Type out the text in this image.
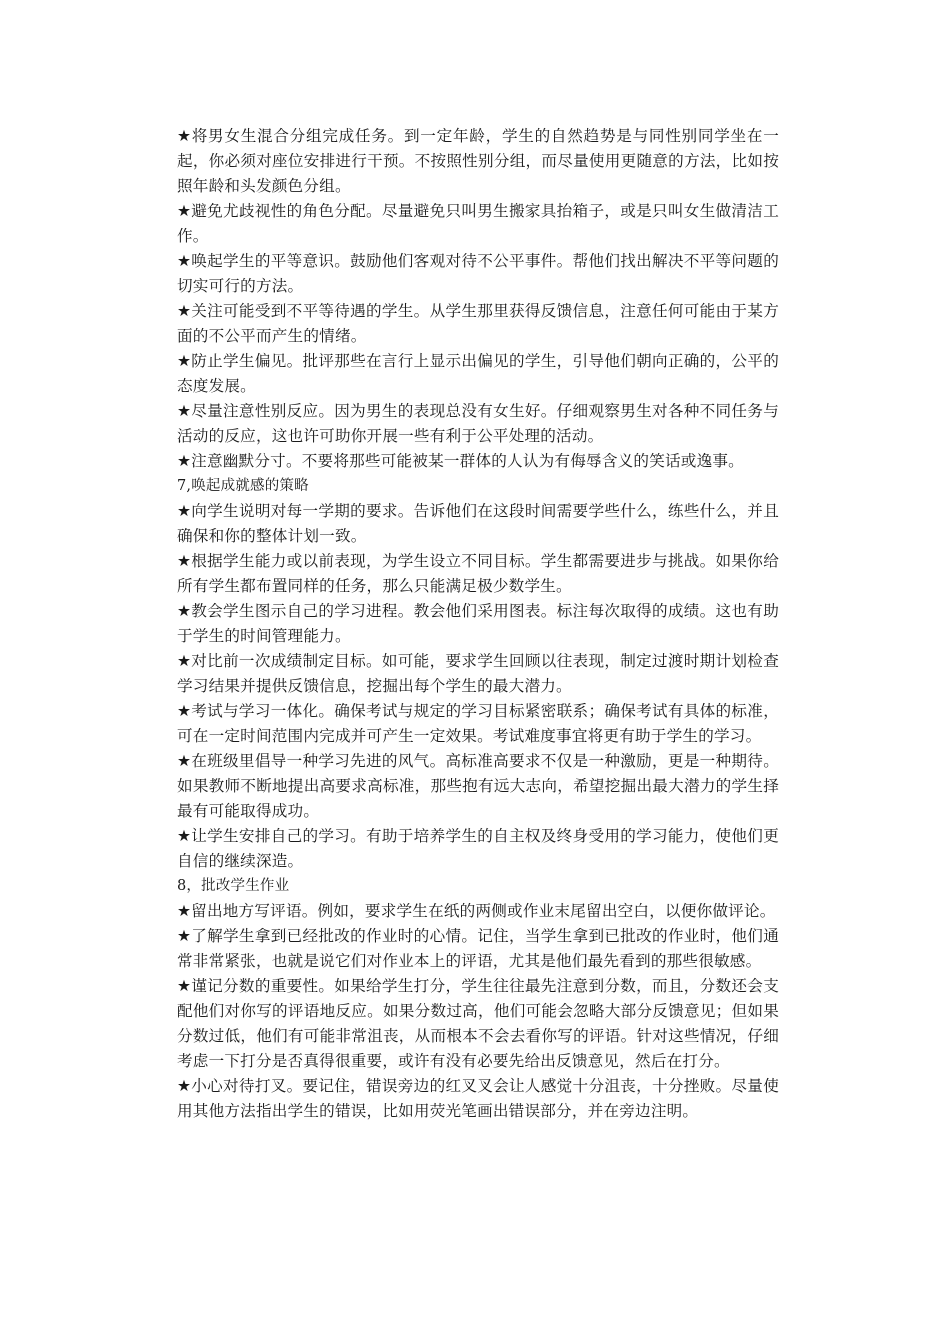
★将男女生混合分组完成任务。到一定年龄，学生的自然趋势是与同性别同学坐在一起，你必须对座位安排进行干预。不按照性别分组，而尽量使用更随意的方法，比如按照年龄和头发颜色分组。

★避免尤歧视性的角色分配。尽量避免只叫男生搬家具抬箱子，或是只叫女生做清洁工作。

★唤起学生的平等意识。鼓励他们客观对待不公平事件。帮他们找出解决不平等问题的切实可行的方法。

★关注可能受到不平等待遇的学生。从学生那里获得反馈信息，注意任何可能由于某方面的不公平而产生的情绪。

★防止学生偏见。批评那些在言行上显示出偏见的学生，引导他们朝向正确的，公平的态度发展。

★尽量注意性别反应。因为男生的表现总没有女生好。仔细观察男生对各种不同任务与活动的反应，这也许可助你开展一些有利于公平处理的活动。

★注意幽默分寸。不要将那些可能被某一群体的人认为有侮辱含义的笑话或逸事。

7,唤起成就感的策略

★向学生说明对每一学期的要求。告诉他们在这段时间需要学些什么，练些什么，并且确保和你的整体计划一致。

★根据学生能力或以前表现，为学生设立不同目标。学生都需要进步与挑战。如果你给所有学生都布置同样的任务，那么只能满足极少数学生。

★教会学生图示自己的学习进程。教会他们采用图表。标注每次取得的成绩。这也有助于学生的时间管理能力。

★对比前一次成绩制定目标。如可能，要求学生回顾以往表现，制定过渡时期计划检查学习结果并提供反馈信息，挖掘出每个学生的最大潜力。

★考试与学习一体化。确保考试与规定的学习目标紧密联系；确保考试有具体的标准，可在一定时间范围内完成并可产生一定效果。考试难度事宜将更有助于学生的学习。

★在班级里倡导一种学习先进的风气。高标准高要求不仅是一种激励，更是一种期待。如果教师不断地提出高要求高标准，那些抱有远大志向，希望挖掘出最大潜力的学生择最有可能取得成功。

★让学生安排自己的学习。有助于培养学生的自主权及终身受用的学习能力，使他们更自信的继续深造。

8，批改学生作业

★留出地方写评语。例如，要求学生在纸的两侧或作业末尾留出空白，以便你做评论。

★了解学生拿到已经批改的作业时的心情。记住，当学生拿到已批改的作业时，他们通常非常紧张，也就是说它们对作业本上的评语，尤其是他们最先看到的那些很敏感。

★谨记分数的重要性。如果给学生打分，学生往往最先注意到分数，而且，分数还会支配他们对你写的评语地反应。如果分数过高，他们可能会忽略大部分反馈意见；但如果分数过低，他们有可能非常沮丧，从而根本不会去看你写的评语。针对这些情况，仔细考虑一下打分是否真得很重要，或许有没有必要先给出反馈意见，然后在打分。

★小心对待打叉。要记住，错误旁边的红叉叉会让人感觉十分沮丧，十分挫败。尽量使用其他方法指出学生的错误，比如用荧光笔画出错误部分，并在旁边注明。
